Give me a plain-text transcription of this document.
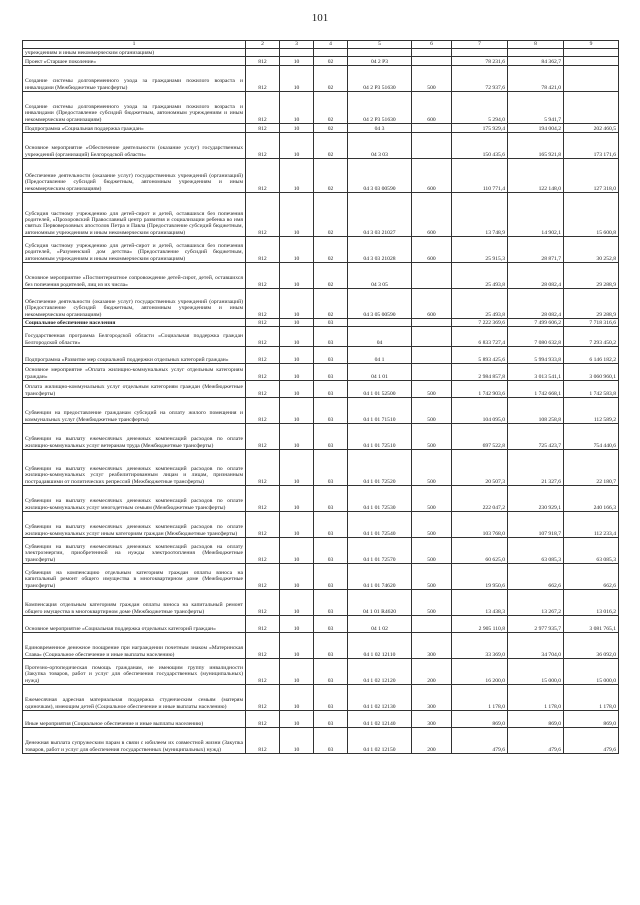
101
1	2	3	4	5	6	7	8	9
учреждениям и иным некоммерческим организациям)								
Проект «Старшее поколение»	812	10	02	04 2 P3		78 231,6	84 362,7	
Создание системы долговременного ухода за гражданами пожилого возраста и инвалидами (Межбюджетные трансферты)	812	10	02	04 2 P3 51630	500	72 937,6	78 421,0	
Создание системы долговременного ухода за гражданами пожилого возраста и инвалидами (Предоставление субсидий бюджетным, автономным учреждениям и иным некоммерческим организациям)	812	10	02	04 2 P3 51630	600	5 294,0	5 941,7	
Подпрограмма «Социальная поддержка граждан»	812	10	02	04 3		175 929,4	194 004,2	202 460,5
Основное мероприятие «Обеспечение деятельности (оказание услуг) государственных учреждений (организаций) Белгородской области»	812	10	02	04 3 03		150 435,6	165 921,8	173 171,6
Обеспечение деятельности (оказание услуг) государственных учреждений (организаций) (Предоставление субсидий бюджетным, автономным учреждениям и иным некоммерческим организациям)	812	10	02	04 3 03 00590	600	110 771,4	122 148,0	127 318,0
Субсидия частному учреждению для детей-сирот и детей, оставшихся без попечения родителей, «Прохоровский Православный центр развития и социализации ребенка во имя святых Первоверховных апостолов Петра и Павла (Предоставление субсидий бюджетным, автономным учреждениям и иным некоммерческим организациям)	812	10	02	04 3 03 21027	600	13 748,9	14 902,1	15 600,8
Субсидия частному учреждению для детей-сирот и детей, оставшихся без попечения родителей, «Разуменский дом детства» (Предоставление субсидий бюджетным, автономным учреждениям и иным некоммерческим организациям)	812	10	02	04 3 03 21028	600	25 915,3	28 871,7	30 252,8
Основное мероприятие «Постинтернатное сопровождение детей-сирот, детей, оставшихся без попечения родителей, лиц из их числа»	812	10	02	04 3 05		25 493,8	28 082,4	29 288,9
Обеспечение деятельности (оказание услуг) государственных учреждений (организаций) (Предоставление субсидий бюджетным, автономным учреждениям и иным некоммерческим организациям)	812	10	02	04 3 05 00590	600	25 493,8	28 082,4	29 288,9
Социальное обеспечение населения	812	10	03			7 222 369,6	7 499 606,2	7 718 316,6
Государственная программа Белгородской области «Социальная поддержка граждан Белгородской области»	812	10	03	04		6 833 727,4	7 080 632,8	7 293 450,2
Подпрограмма «Развитие мер социальной поддержки отдельных категорий граждан»	812	10	03	04 1		5 893 425,6	5 994 933,8	6 146 182,2
Основное мероприятие «Оплата жилищно-коммунальных услуг отдельным категориям граждан»	812	10	03	04 1 01		2 984 857,8	3 013 541,1	3 060 960,1
Оплата жилищно-коммунальных услуг отдельным категориям граждан (Межбюджетные трансферты)	812	10	03	04 1 01 52500	500	1 742 903,6	1 742 668,1	1 742 583,8
Субвенции на предоставление гражданам субсидий на оплату жилого помещения и коммунальных услуг (Межбюджетные трансферты)	812	10	03	04 1 01 71510	500	104 095,0	108 258,8	112 589,2
Субвенции на выплату ежемесячных денежных компенсаций расходов по оплате жилищно-коммунальных услуг ветеранам труда (Межбюджетные трансферты)	812	10	03	04 1 01 72510	500	697 522,8	725 423,7	754 440,6
Субвенции на выплату ежемесячных денежных компенсаций расходов по оплате жилищно-коммунальных услуг реабилитированным лицам и лицам, признанным пострадавшими от политических репрессий (Межбюджетные трансферты)	812	10	03	04 1 01 72520	500	20 507,3	21 327,6	22 180,7
Субвенции на выплату ежемесячных денежных компенсаций расходов по оплате жилищно-коммунальных услуг многодетным семьям (Межбюджетные трансферты)	812	10	03	04 1 01 72530	500	222 047,2	230 929,1	240 166,3
Субвенции на выплату ежемесячных денежных компенсаций расходов по оплате жилищно-коммунальных услуг иным категориям граждан (Межбюджетные трансферты)	812	10	03	04 1 01 72540	500	103 768,0	107 918,7	112 233,4
Субвенции на выплату ежемесячных денежных компенсаций расходов на оплату электроэнергии, приобретенной на нужды электроотопления (Межбюджетные трансферты)	812	10	03	04 1 01 72570	500	60 625,0	63 085,3	63 085,3
Субвенция на компенсацию отдельным категориям граждан оплаты взноса на капитальный ремонт общего имущества в многоквартирном доме (Межбюджетные трансферты)	812	10	03	04 1 01 74620	500	19 950,6	662,6	662,6
Компенсация отдельным категориям граждан оплаты взноса на капитальный ремонт общего имущества в многоквартирном доме (Межбюджетные трансферты)	812	10	03	04 1 01 R4620	500	13 438,3	13 267,2	13 016,2
Основное мероприятие «Социальная поддержка отдельных категорий граждан»	812	10	03	04 1 02		2 905 110,8	2 977 935,7	3 081 765,1
Единовременное денежное поощрение при награждении почетным знаком «Материнская Слава» (Социальное обеспечение и иные выплаты населению)	812	10	03	04 1 02 12110	300	33 369,0	34 704,0	36 092,0
Протезно-ортопедическая помощь гражданам, не имеющим группу инвалидности (Закупка товаров, работ и услуг для обеспечения государственных (муниципальных) нужд)	812	10	03	04 1 02 12120	200	16 200,0	15 000,0	15 000,0
Ежемесячная адресная материальная поддержка студенческим семьям (матерям одиночкам), имеющим детей (Социальное обеспечение и иные выплаты населению)	812	10	03	04 1 02 12130	300	1 178,0	1 178,0	1 178,0
Иные мероприятия (Социальное обеспечение и иные выплаты населению)	812	10	03	04 1 02 12140	300	869,0	869,0	869,0
Денежная выплата супружеским парам в связи с юбилеем их совместной жизни (Закупка товаров, работ и услуг для обеспечения государственных (муниципальных) нужд)	812	10	03	04 1 02 12150	200	479,6	479,6	479,6
